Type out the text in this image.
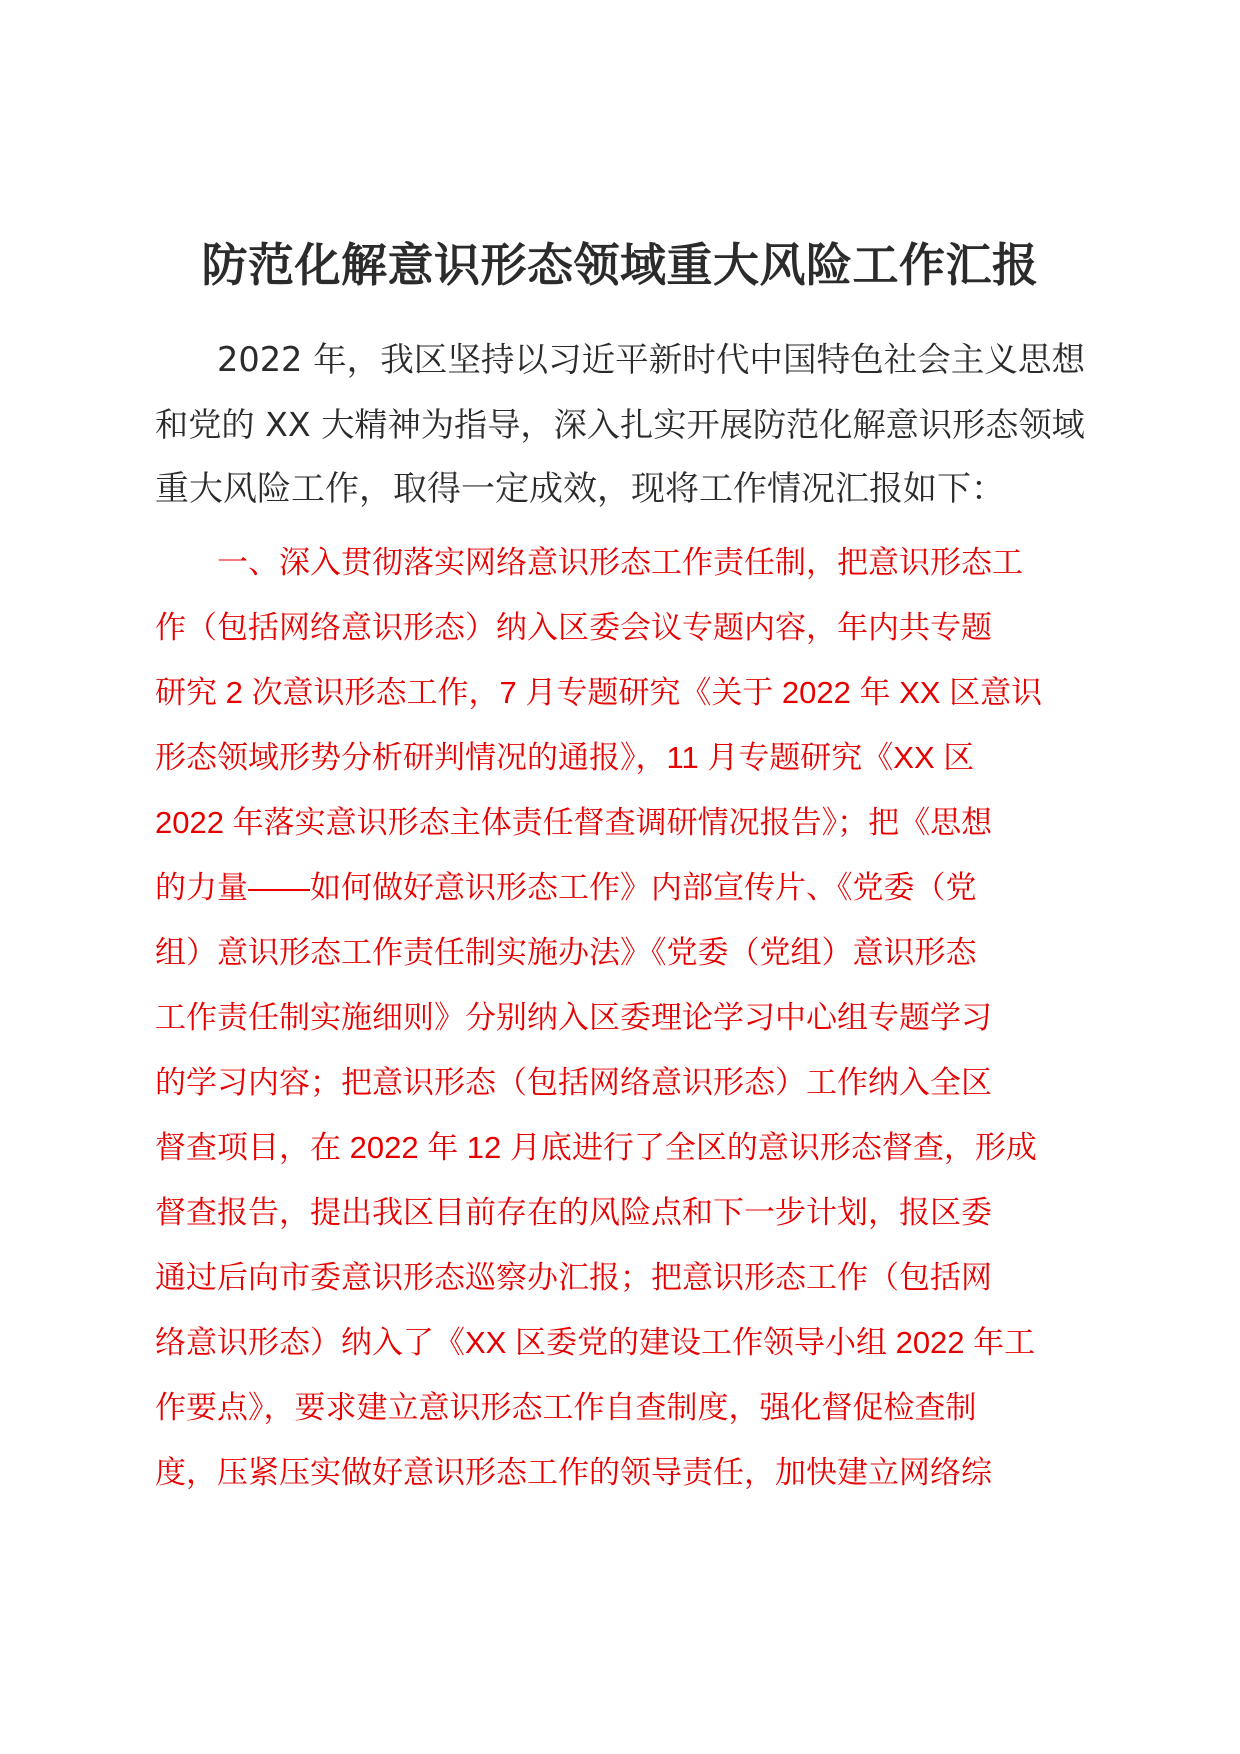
防范化解意识形态领域重大风险工作汇报
2022 年，我区坚持以习近平新时代中国特色社会主义思想
和党的 XX 大精神为指导，深入扎实开展防范化解意识形态领域
重大风险工作，取得一定成效，现将工作情况汇报如下：
一、深入贯彻落实网络意识形态工作责任制，把意识形态工
作（包括网络意识形态）纳入区委会议专题内容，年内共专题
研究 2 次意识形态工作，7 月专题研究《关于 2022 年 XX 区意识
形态领域形势分析研判情况的通报》，11 月专题研究《XX 区
2022 年落实意识形态主体责任督查调研情况报告》；把《思想
的力量——如何做好意识形态工作》内部宣传片、《党委（党
组）意识形态工作责任制实施办法》《党委（党组）意识形态
工作责任制实施细则》分别纳入区委理论学习中心组专题学习
的学习内容；把意识形态（包括网络意识形态）工作纳入全区
督查项目，在 2022 年 12 月底进行了全区的意识形态督查，形成
督查报告，提出我区目前存在的风险点和下一步计划，报区委
通过后向市委意识形态巡察办汇报；把意识形态工作（包括网
络意识形态）纳入了《XX 区委党的建设工作领导小组 2022 年工
作要点》，要求建立意识形态工作自查制度，强化督促检查制
度，压紧压实做好意识形态工作的领导责任，加快建立网络综
